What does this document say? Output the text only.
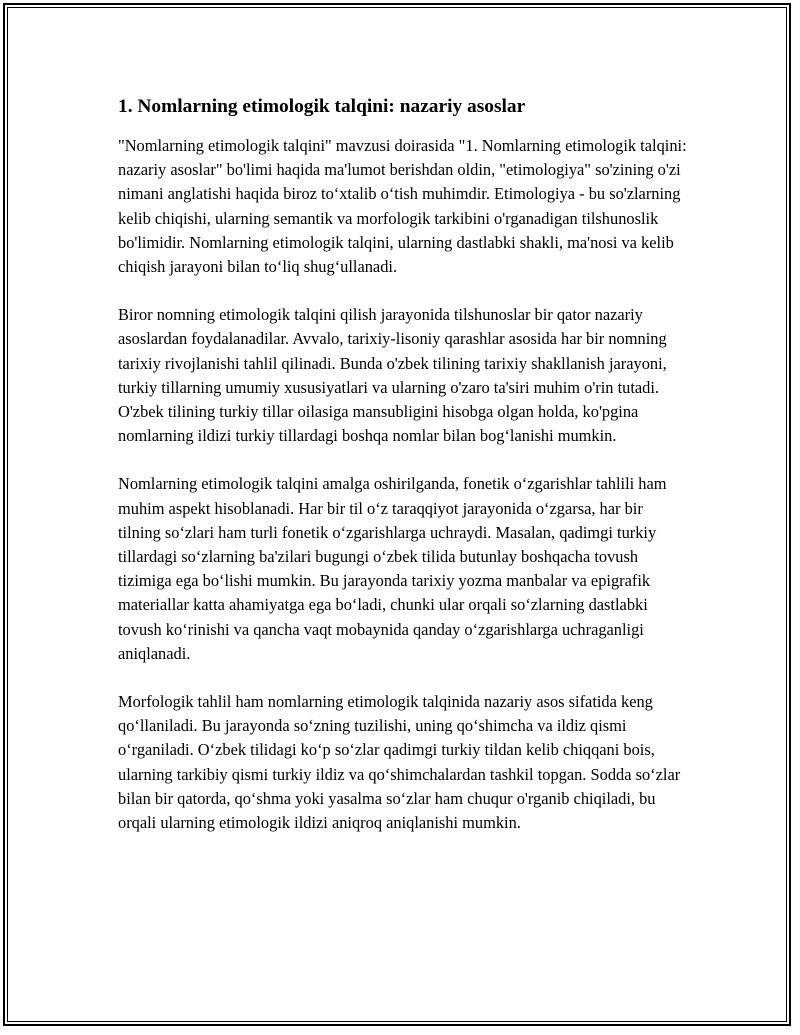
1. Nomlarning etimologik talqini: nazariy asoslar

"Nomlarning etimologik talqini" mavzusi doirasida "1. Nomlarning etimologik talqini: nazariy asoslar" bo'limi haqida ma'lumot berishdan oldin, "etimologiya" so'zining o'zi nimani anglatishi haqida biroz to‘xtalib o‘tish muhimdir. Etimologiya - bu so'zlarning kelib chiqishi, ularning semantik va morfologik tarkibini o'rganadigan tilshunoslik bo'limidir. Nomlarning etimologik talqini, ularning dastlabki shakli, ma'nosi va kelib chiqish jarayoni bilan to‘liq shug‘ullanadi.

Biror nomning etimologik talqini qilish jarayonida tilshunoslar bir qator nazariy asoslardan foydalanadilar. Avvalo, tarixiy-lisoniy qarashlar asosida har bir nomning tarixiy rivojlanishi tahlil qilinadi. Bunda o'zbek tilining tarixiy shakllanish jarayoni, turkiy tillarning umumiy xususiyatlari va ularning o'zaro ta'siri muhim o'rin tutadi. O'zbek tilining turkiy tillar oilasiga mansubligini hisobga olgan holda, ko'pgina nomlarning ildizi turkiy tillardagi boshqa nomlar bilan bog‘lanishi mumkin.

Nomlarning etimologik talqini amalga oshirilganda, fonetik o‘zgarishlar tahlili ham muhim aspekt hisoblanadi. Har bir til o‘z taraqqiyot jarayonida o‘zgarsa, har bir tilning so‘zlari ham turli fonetik o‘zgarishlarga uchraydi. Masalan, qadimgi turkiy tillardagi so‘zlarning ba'zilari bugungi o‘zbek tilida butunlay boshqacha tovush tizimiga ega bo‘lishi mumkin. Bu jarayonda tarixiy yozma manbalar va epigrafik materiallar katta ahamiyatga ega bo‘ladi, chunki ular orqali so‘zlarning dastlabki tovush ko‘rinishi va qancha vaqt mobaynida qanday o‘zgarishlarga uchraganligi aniqlanadi.

Morfologik tahlil ham nomlarning etimologik talqinida nazariy asos sifatida keng qo‘llaniladi. Bu jarayonda so‘zning tuzilishi, uning qo‘shimcha va ildiz qismi o‘rganiladi. O‘zbek tilidagi ko‘p so‘zlar qadimgi turkiy tildan kelib chiqqani bois, ularning tarkibiy qismi turkiy ildiz va qo‘shimchalardan tashkil topgan. Sodda so‘zlar bilan bir qatorda, qo‘shma yoki yasalma so‘zlar ham chuqur o'rganib chiqiladi, bu orqali ularning etimologik ildizi aniqroq aniqlanishi mumkin.
